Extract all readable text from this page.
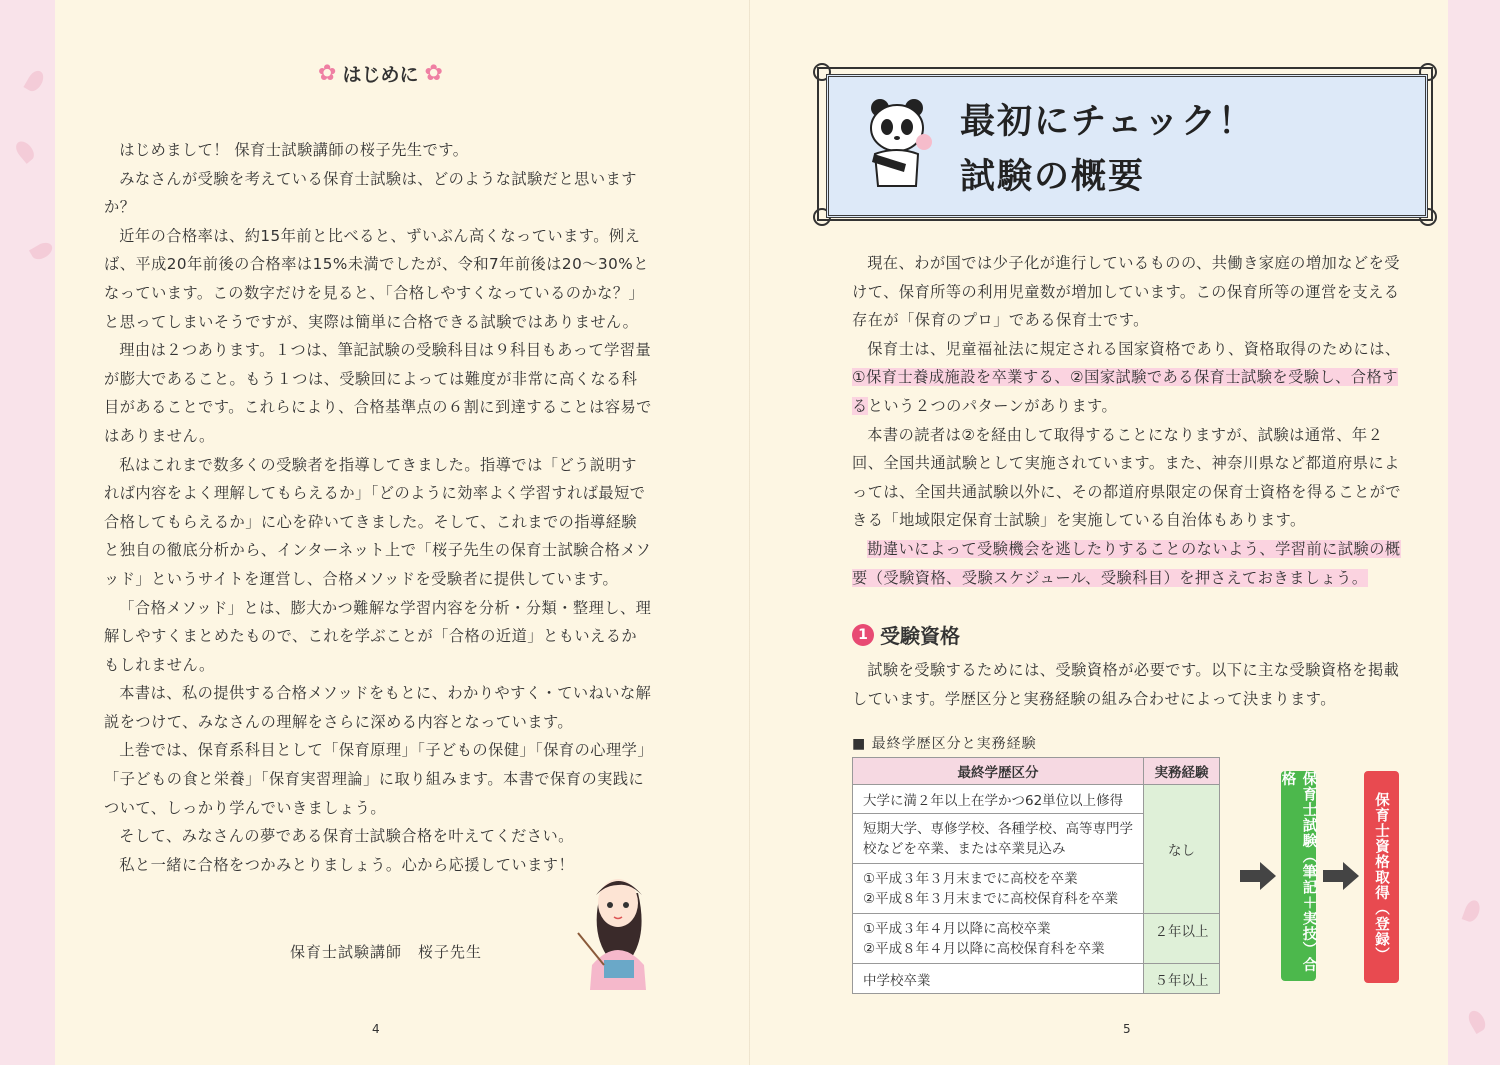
✿ はじめに ✿

はじめまして！ 保育士試験講師の桜子先生です。

みなさんが受験を考えている保育士試験は、どのような試験だと思いますか？

近年の合格率は、約15年前と比べると、ずいぶん高くなっています。例えば、平成20年前後の合格率は15%未満でしたが、令和7年前後は20〜30%となっています。この数字だけを見ると、「合格しやすくなっているのかな？」と思ってしまいそうですが、実際は簡単に合格できる試験ではありません。

理由は２つあります。１つは、筆記試験の受験科目は９科目もあって学習量が膨大であること。もう１つは、受験回によっては難度が非常に高くなる科目があることです。これらにより、合格基準点の６割に到達することは容易ではありません。

私はこれまで数多くの受験者を指導してきました。指導では「どう説明すれば内容をよく理解してもらえるか」「どのように効率よく学習すれば最短で合格してもらえるか」に心を砕いてきました。そして、これまでの指導経験と独自の徹底分析から、インターネット上で「桜子先生の保育士試験合格メソッド」というサイトを運営し、合格メソッドを受験者に提供しています。

「合格メソッド」とは、膨大かつ難解な学習内容を分析・分類・整理し、理解しやすくまとめたもので、これを学ぶことが「合格の近道」ともいえるかもしれません。

本書は、私の提供する合格メソッドをもとに、わかりやすく・ていねいな解説をつけて、みなさんの理解をさらに深める内容となっています。

上巻では、保育系科目として「保育原理」「子どもの保健」「保育の心理学」「子どもの食と栄養」「保育実習理論」に取り組みます。本書で保育の実践について、しっかり学んでいきましょう。

そして、みなさんの夢である保育士試験合格を叶えてください。

私と一緒に合格をつかみとりましょう。心から応援しています！

保育士試験講師　桜子先生
4
最初にチェック！
試験の概要

現在、わが国では少子化が進行しているものの、共働き家庭の増加などを受けて、保育所等の利用児童数が増加しています。この保育所等の運営を支える存在が「保育のプロ」である保育士です。

保育士は、児童福祉法に規定される国家資格であり、資格取得のためには、①保育士養成施設を卒業する、②国家試験である保育士試験を受験し、合格するという２つのパターンがあります。

本書の読者は②を経由して取得することになりますが、試験は通常、年２回、全国共通試験として実施されています。また、神奈川県など都道府県によっては、全国共通試験以外に、その都道府県限定の保育士資格を得ることができる「地域限定保育士試験」を実施している自治体もあります。

勘違いによって受験機会を逃したりすることのないよう、学習前に試験の概要（受験資格、受験スケジュール、受験科目）を押さえておきましょう。

1 受験資格

試験を受験するためには、受験資格が必要です。以下に主な受験資格を掲載しています。学歴区分と実務経験の組み合わせによって決まります。

■ 最終学歴区分と実務経験
最終学歴区分	実務経験
大学に満２年以上在学かつ62単位以上修得	なし
短期大学、専修学校、各種学校、高等専門学校などを卒業、または卒業見込み	

①平成３年３月末までに高校を卒業
②平成８年３月末までに高校保育科を卒業	

①平成３年４月以降に高校卒業
②平成８年４月以降に高校保育科を卒業	２年以上
中学校卒業	５年以上
保育士試験（筆記＋実技）合格
保育士資格取得（登録）
5
